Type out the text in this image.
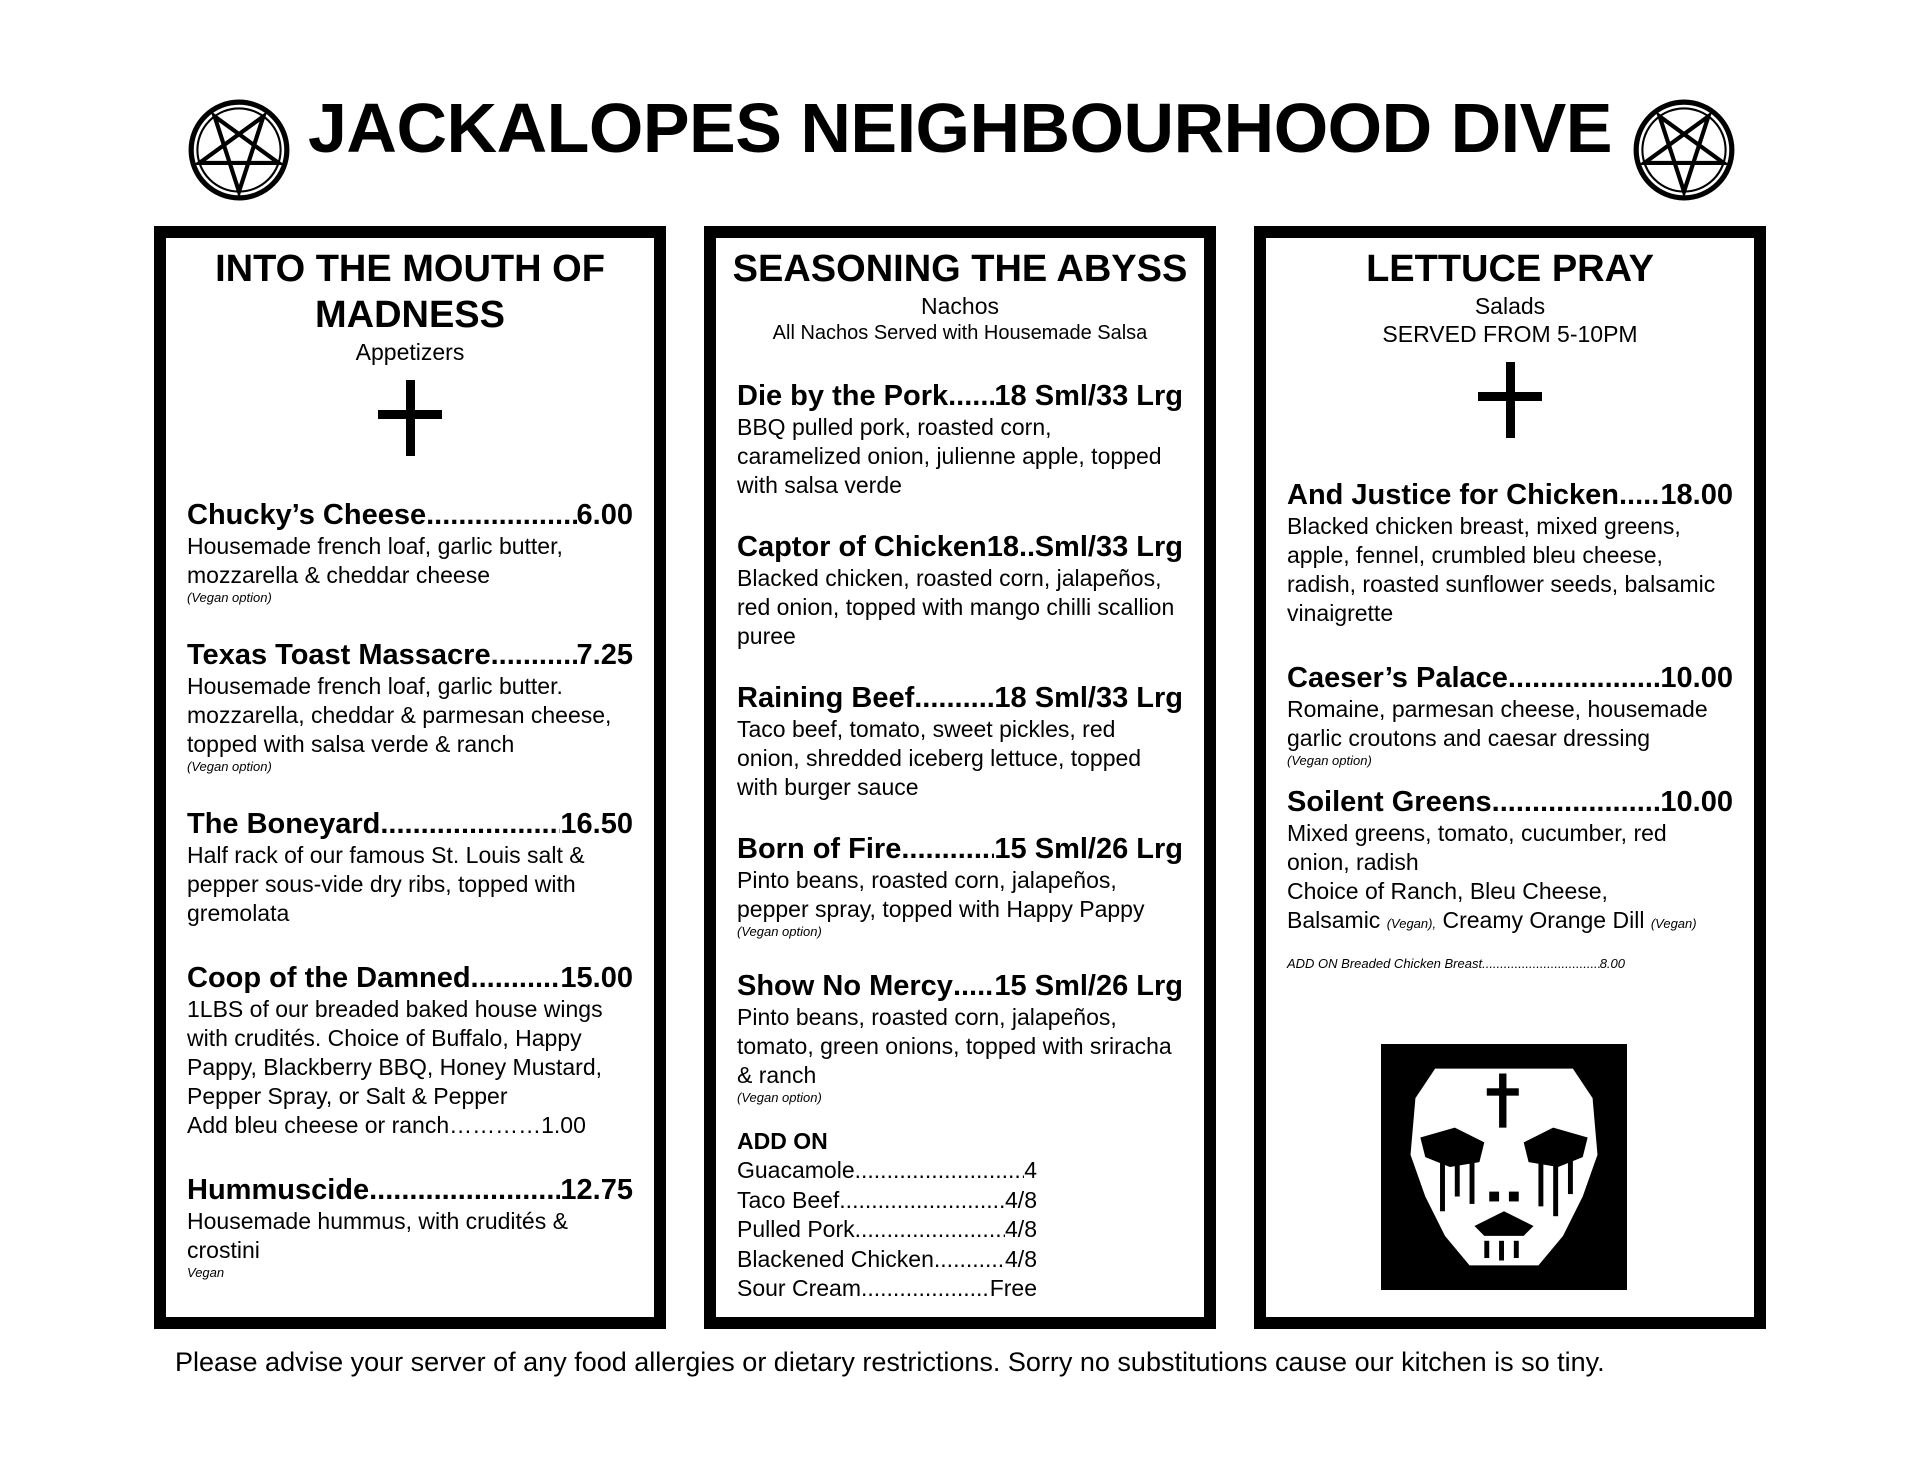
JACKALOPES NEIGHBOURHOOD DIVE
INTO THE MOUTH OF
MADNESS
Appetizers
Chucky’s Cheese .....	6.00
Housemade french loaf, garlic butter,
mozzarella & cheddar cheese
(Vegan option)
Texas Toast Massacre .....	7.25
Housemade french loaf, garlic butter.
mozzarella, cheddar & parmesan cheese,
topped with salsa verde & ranch
(Vegan option)
The Boneyard .....	16.50
Half rack of our famous St. Louis salt &
pepper sous-vide dry ribs, topped with
gremolata
Coop of the Damned .....	15.00
1LBS of our breaded baked house wings
with crudités. Choice of Buffalo, Happy
Pappy, Blackberry BBQ, Honey Mustard,
Pepper Spray, or Salt & Pepper
Add bleu cheese or ranch…………1.00
Hummuscide .....	12.75
Housemade hummus, with crudités &
crostini
Vegan
SEASONING THE ABYSS
Nachos
All Nachos Served with Housemade Salsa
Die by the Pork ..... 18 Sml/33 Lrg
BBQ pulled pork, roasted corn,
caramelized onion, julienne apple, topped
with salsa verde
Captor of Chicken18 ..... Sml/33 Lrg
Blacked chicken, roasted corn, jalapeños,
red onion, topped with mango chilli scallion
puree
Raining Beef .....	18 Sml/33 Lrg
Taco beef, tomato, sweet pickles, red
onion, shredded iceberg lettuce, topped
with burger sauce
Born of Fire .....	15 Sml/26 Lrg
Pinto beans, roasted corn, jalapeños,
pepper spray, topped with Happy Pappy
(Vegan option)
Show No Mercy ..... 15 Sml/26 Lrg
Pinto beans, roasted corn, jalapeños,
tomato, green onions, topped with sriracha
& ranch
(Vegan option)
ADD ON
Guacamole .....	4
Taco Beef .....	4/8
Pulled Pork .....	4/8
Blackened Chicken .....	4/8
Sour Cream .....	Free
LETTUCE PRAY
Salads
SERVED FROM 5-10PM
And Justice for Chicken ..... 18.00
Blacked chicken breast, mixed greens,
apple, fennel, crumbled bleu cheese,
radish, roasted sunflower seeds, balsamic
vinaigrette
Caeser’s Palace .....	10.00
Romaine, parmesan cheese, housemade
garlic croutons and caesar dressing
(Vegan option)
Soilent Greens .....	10.00
Mixed greens, tomato, cucumber, red
onion, radish
Choice of Ranch, Bleu Cheese,
Balsamic (Vegan), Creamy Orange Dill (Vegan)
ADD ON Breaded Chicken Breast .....	8.00
Please advise your server of any food allergies or dietary restrictions. Sorry no substitutions cause our kitchen is so tiny.
